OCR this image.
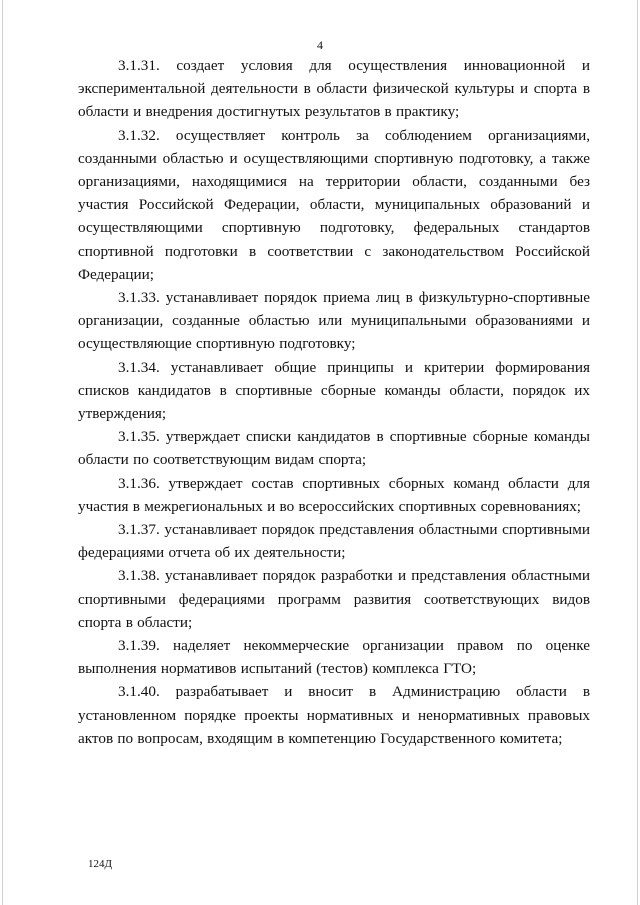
4

3.1.31. создает условия для осуществления инновационной и экспериментальной деятельности в области физической культуры и спорта в области и внедрения достигнутых результатов в практику;

3.1.32. осуществляет контроль за соблюдением организациями, созданными областью и осуществляющими спортивную подготовку, а также организациями, находящимися на территории области, созданными без участия Российской Федерации, области, муниципальных образований и осуществляющими спортивную подготовку, федеральных стандартов спортивной подготовки в соответствии с законодательством Российской Федерации;

3.1.33. устанавливает порядок приема лиц в физкультурно-спортивные организации, созданные областью или муниципальными образованиями и осуществляющие спортивную подготовку;

3.1.34. устанавливает общие принципы и критерии формирования списков кандидатов в спортивные сборные команды области, порядок их утверждения;

3.1.35. утверждает списки кандидатов в спортивные сборные команды области по соответствующим видам спорта;

3.1.36. утверждает состав спортивных сборных команд области для участия в межрегиональных и во всероссийских спортивных соревнованиях;

3.1.37. устанавливает порядок представления областными спортивными федерациями отчета об их деятельности;

3.1.38. устанавливает порядок разработки и представления областными спортивными федерациями программ развития соответствующих видов спорта в области;

3.1.39. наделяет некоммерческие организации правом по оценке выполнения нормативов испытаний (тестов) комплекса ГТО;

3.1.40. разрабатывает и вносит в Администрацию области в установленном порядке проекты нормативных и ненормативных правовых актов по вопросам, входящим в компетенцию Государственного комитета;

124Д
